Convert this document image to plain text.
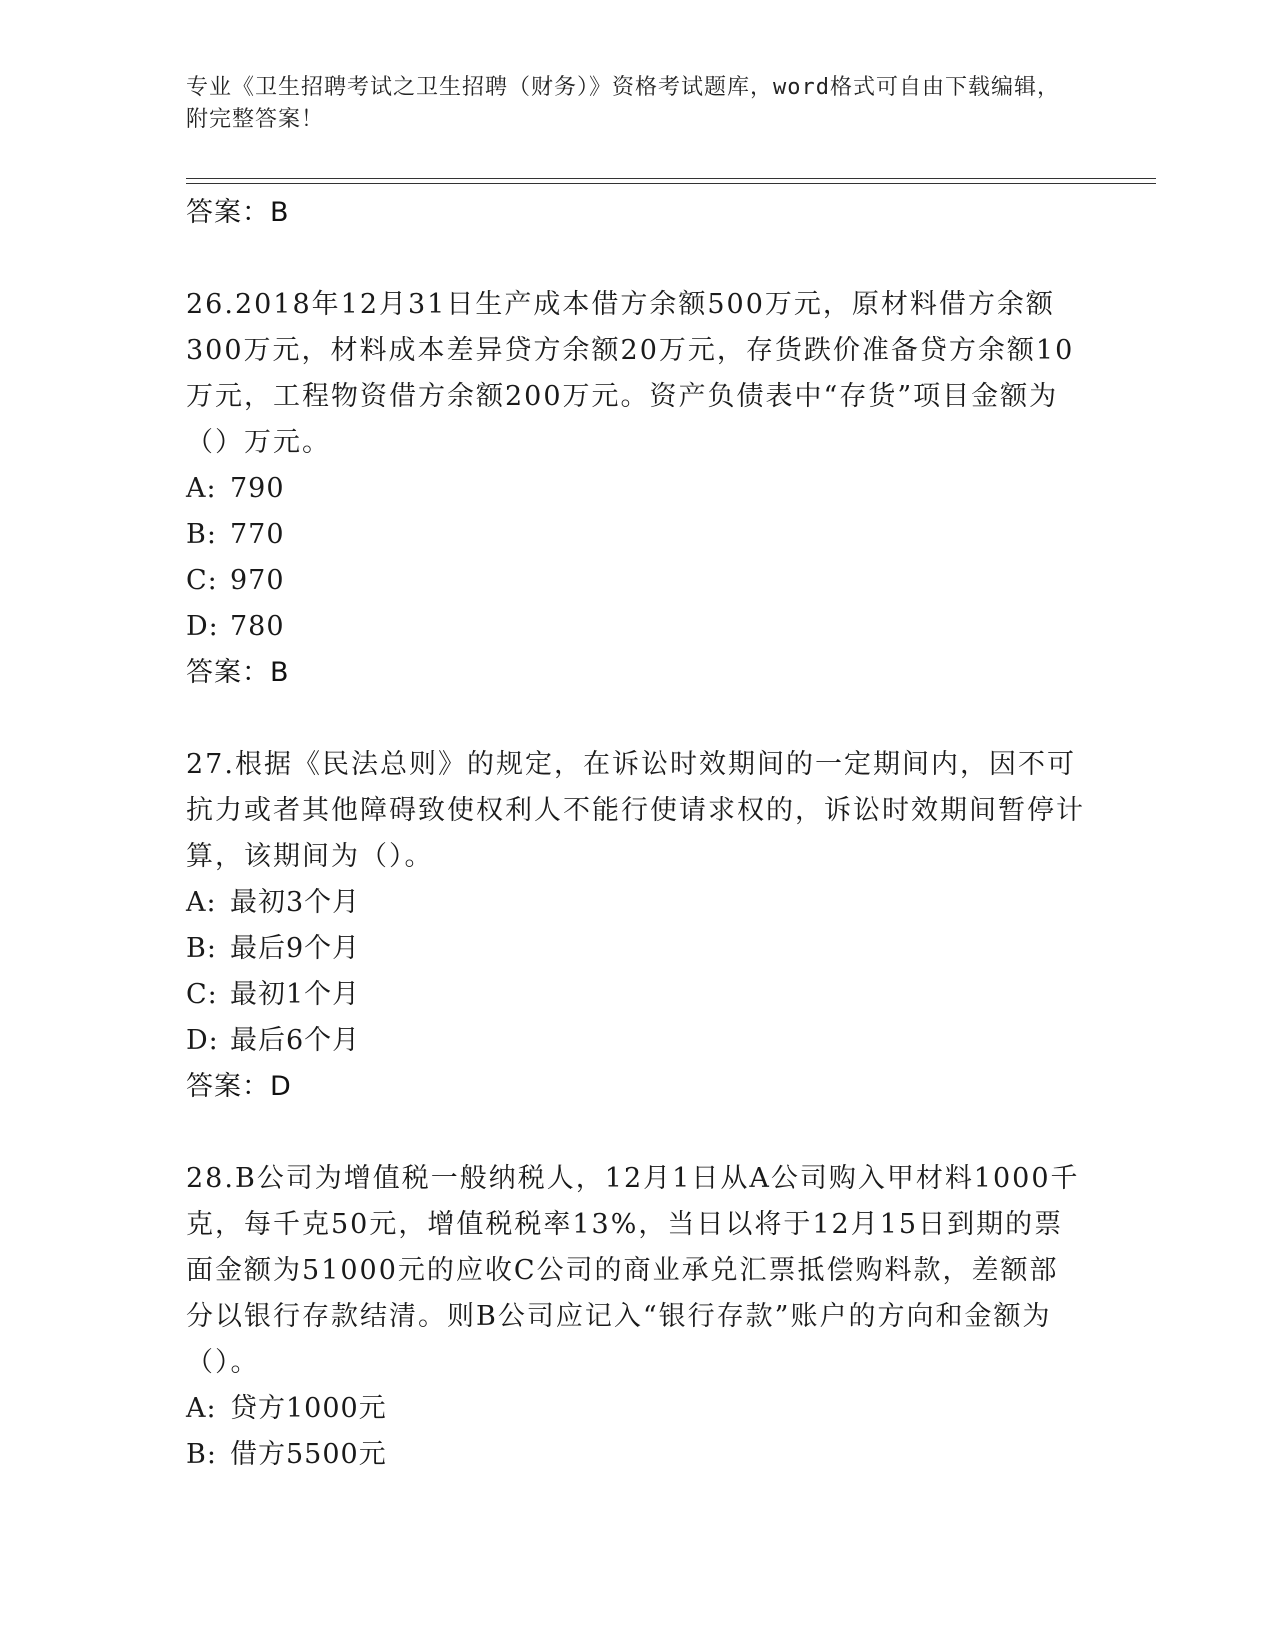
专业《卫生招聘考试之卫生招聘（财务）》资格考试题库，word格式可自由下载编辑，附完整答案！
答案：B
26.2018年12月31日生产成本借方余额500万元，原材料借方余额300万元，材料成本差异贷方余额20万元，存货跌价准备贷方余额10万元，工程物资借方余额200万元。资产负债表中“存货”项目金额为（）万元。
A: 790
B: 770
C: 970
D: 780
答案：B
27.根据《民法总则》的规定，在诉讼时效期间的一定期间内，因不可抗力或者其他障碍致使权利人不能行使请求权的，诉讼时效期间暂停计算，该期间为（）。
A: 最初3个月
B: 最后9个月
C: 最初1个月
D: 最后6个月
答案：D
28.B公司为增值税一般纳税人，12月1日从A公司购入甲材料1000千克，每千克50元，增值税税率13%，当日以将于12月15日到期的票面金额为51000元的应收C公司的商业承兑汇票抵偿购料款，差额部分以银行存款结清。则B公司应记入“银行存款”账户的方向和金额为（）。
A: 贷方1000元
B: 借方5500元
